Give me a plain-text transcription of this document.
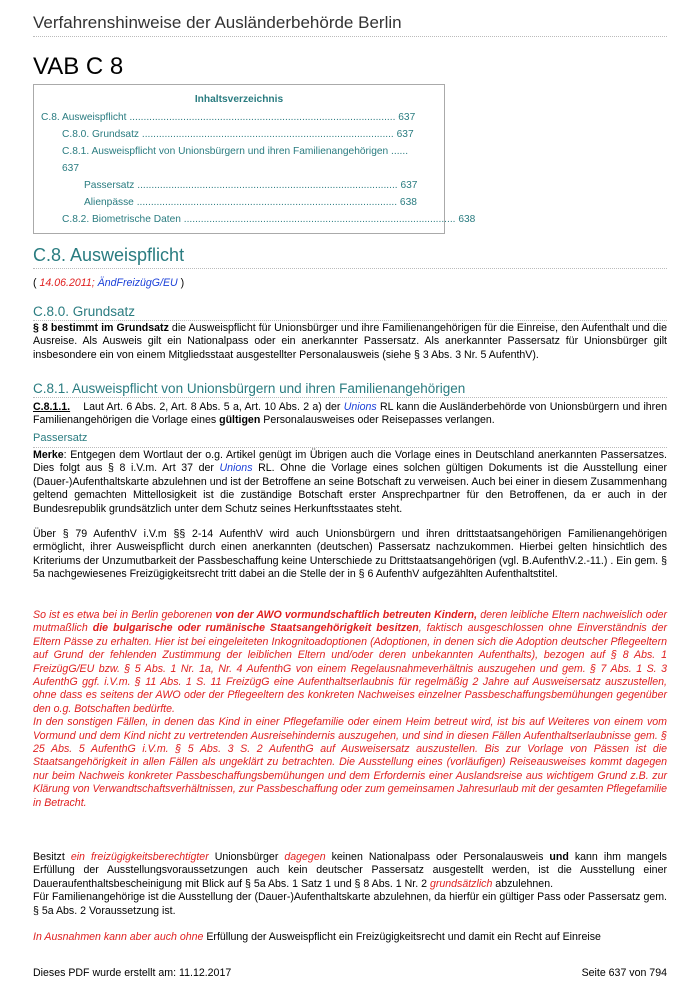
Verfahrenshinweise der Ausländerbehörde Berlin
VAB C 8
Inhaltsverzeichnis
C.8. Ausweispflicht .............................................................................................. 637
C.8.0. Grundsatz ......................................................................................... 637
C.8.1. Ausweispflicht von Unionsbürgern und ihren Familienangehörigen ......
637
Passersatz ............................................................................................ 637
Alienpässe ............................................................................................ 638
C.8.2. Biometrische Daten ................................................................................................ 638
C.8. Ausweispflicht
( 14.06.2011; ÄndFreizügG/EU )
C.8.0. Grundsatz
§ 8 bestimmt im Grundsatz die Ausweispflicht für Unionsbürger und ihre Familienangehörigen für die Einreise, den Aufenthalt und die Ausreise. Als Ausweis gilt ein Nationalpass oder ein anerkannter Passersatz. Als anerkannter Passersatz für Unionsbürger gilt insbesondere ein von einem Mitgliedsstaat ausgestellter Personalausweis (siehe § 3 Abs. 3 Nr. 5 AufenthV).
C.8.1. Ausweispflicht von Unionsbürgern und ihren Familienangehörigen
C.8.1.1.    Laut Art. 6 Abs. 2, Art. 8 Abs. 5 a, Art. 10 Abs. 2 a) der Unions RL kann die Ausländerbehörde von Unionsbürgern und ihren Familienangehörigen die Vorlage eines gültigen Personalausweises oder Reisepasses verlangen.
Passersatz
Merke: Entgegen dem Wortlaut der o.g. Artikel genügt im Übrigen auch die Vorlage eines in Deutschland anerkannten Passersatzes. Dies folgt aus § 8 i.V.m. Art 37 der Unions RL. Ohne die Vorlage eines solchen gültigen Dokuments ist die Ausstellung einer (Dauer-)Aufenthaltskarte abzulehnen und ist der Betroffene an seine Botschaft zu verweisen. Auch bei einer in diesem Zusammenhang geltend gemachten Mittellosigkeit ist die zuständige Botschaft erster Ansprechpartner für den Betroffenen, da er auch in der Bundesrepublik grundsätzlich unter dem Schutz seines Herkunftsstaates steht.
Über § 79 AufenthV i.V.m §§ 2-14 AufenthV wird auch Unionsbürgern und ihren drittstaatsangehörigen Familienangehörigen ermöglicht, ihrer Ausweispflicht durch einen anerkannten (deutschen) Passersatz nachzukommen. Hierbei gelten hinsichtlich des Kriteriums der Unzumutbarkeit der Passbeschaffung keine Unterschiede zu Drittstaatsangehörigen (vgl. B.AufenthV.2.-11.) . Ein gem. § 5a nachgewiesenes Freizügigkeitsrecht tritt dabei an die Stelle der in § 6 AufenthV aufgezählten Aufenthaltstitel.
So ist es etwa bei in Berlin geborenen von der AWO vormundschaftlich betreuten Kindern, deren leibliche Eltern nachweislich oder mutmaßlich die bulgarische oder rumänische Staatsangehörigkeit besitzen, faktisch ausgeschlossen ohne Einverständnis der Eltern Pässe zu erhalten. Hier ist bei eingeleiteten Inkognitoadoptionen (Adoptionen, in denen sich die Adoption deutscher Pflegeeltern auf Grund der fehlenden Zustimmung der leiblichen Eltern und/oder deren unbekannten Aufenthalts), bezogen auf § 8 Abs. 1 FreizügG/EU bzw. § 5 Abs. 1 Nr. 1a, Nr. 4 AufenthG von einem Regelausnahmeverhältnis auszugehen und gem. § 7 Abs. 1 S. 3 AufenthG ggf. i.V.m. § 11 Abs. 1 S. 11 FreizügG eine Aufenthaltserlaubnis für regelmäßig 2 Jahre auf Ausweisersatz auszustellen, ohne dass es seitens der AWO oder der Pflegeeltern des konkreten Nachweises einzelner Passbeschaffungsbemühungen gegenüber den o.g. Botschaften bedürfte.
In den sonstigen Fällen, in denen das Kind in einer Pflegefamilie oder einem Heim betreut wird, ist bis auf Weiteres von einem vom Vormund und dem Kind nicht zu vertretenden Ausreisehindernis auszugehen, und sind in diesen Fällen Aufenthaltserlaubnisse gem. § 25 Abs. 5 AufenthG i.V.m. § 5 Abs. 3 S. 2 AufenthG auf Ausweisersatz auszustellen. Bis zur Vorlage von Pässen ist die Staatsangehörigkeit in allen Fällen als ungeklärt zu betrachten. Die Ausstellung eines (vorläufigen) Reiseausweises kommt dagegen nur beim Nachweis konkreter Passbeschaffungsbemühungen und dem Erfordernis einer Auslandsreise aus wichtigem Grund z.B. zur Klärung von Verwandtschaftsverhältnissen, zur Passbeschaffung oder zum gemeinsamen Jahresurlaub mit der gesamten Pflegefamilie in Betracht.
Besitzt ein freizügigkeitsberechtigter Unionsbürger dagegen keinen Nationalpass oder Personalausweis und kann ihm mangels Erfüllung der Ausstellungsvoraussetzungen auch kein deutscher Passersatz ausgestellt werden, ist die Ausstellung einer Daueraufenthaltsbescheinigung mit Blick auf § 5a Abs. 1 Satz 1 und § 8 Abs. 1 Nr. 2 grundsätzlich abzulehnen.
Für Familienangehörige ist die Ausstellung der (Dauer-)Aufenthaltskarte abzulehnen, da hierfür ein gültiger Pass oder Passersatz gem. § 5a Abs. 2 Voraussetzung ist.
In Ausnahmen kann aber auch ohne Erfüllung der Ausweispflicht ein Freizügigkeitsrecht und damit ein Recht auf Einreise
Dieses PDF wurde erstellt am: 11.12.2017	Seite 637 von 794
